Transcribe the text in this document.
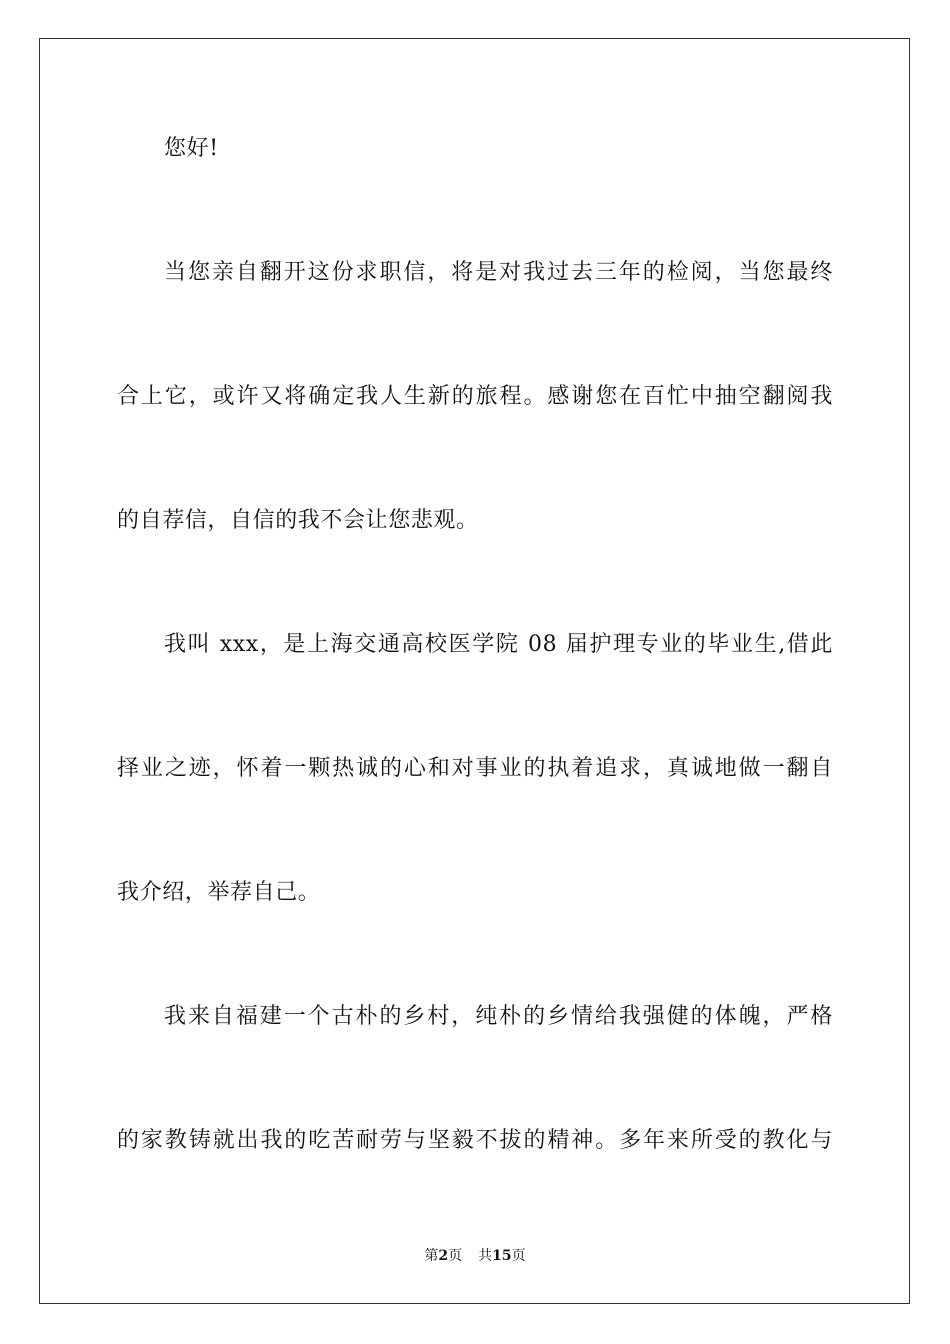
您好!
当您亲自翻开这份求职信，将是对我过去三年的检阅，当您最终
合上它，或许又将确定我人生新的旅程。感谢您在百忙中抽空翻阅我
的自荐信，自信的我不会让您悲观。
我叫 xxx，是上海交通高校医学院 08 届护理专业的毕业生,借此
择业之迹，怀着一颗热诚的心和对事业的执着追求，真诚地做一翻自
我介绍，举荐自己。
我来自福建一个古朴的乡村，纯朴的乡情给我强健的体魄，严格
的家教铸就出我的吃苦耐劳与坚毅不拔的精神。多年来所受的教化与
第2页 共15页
